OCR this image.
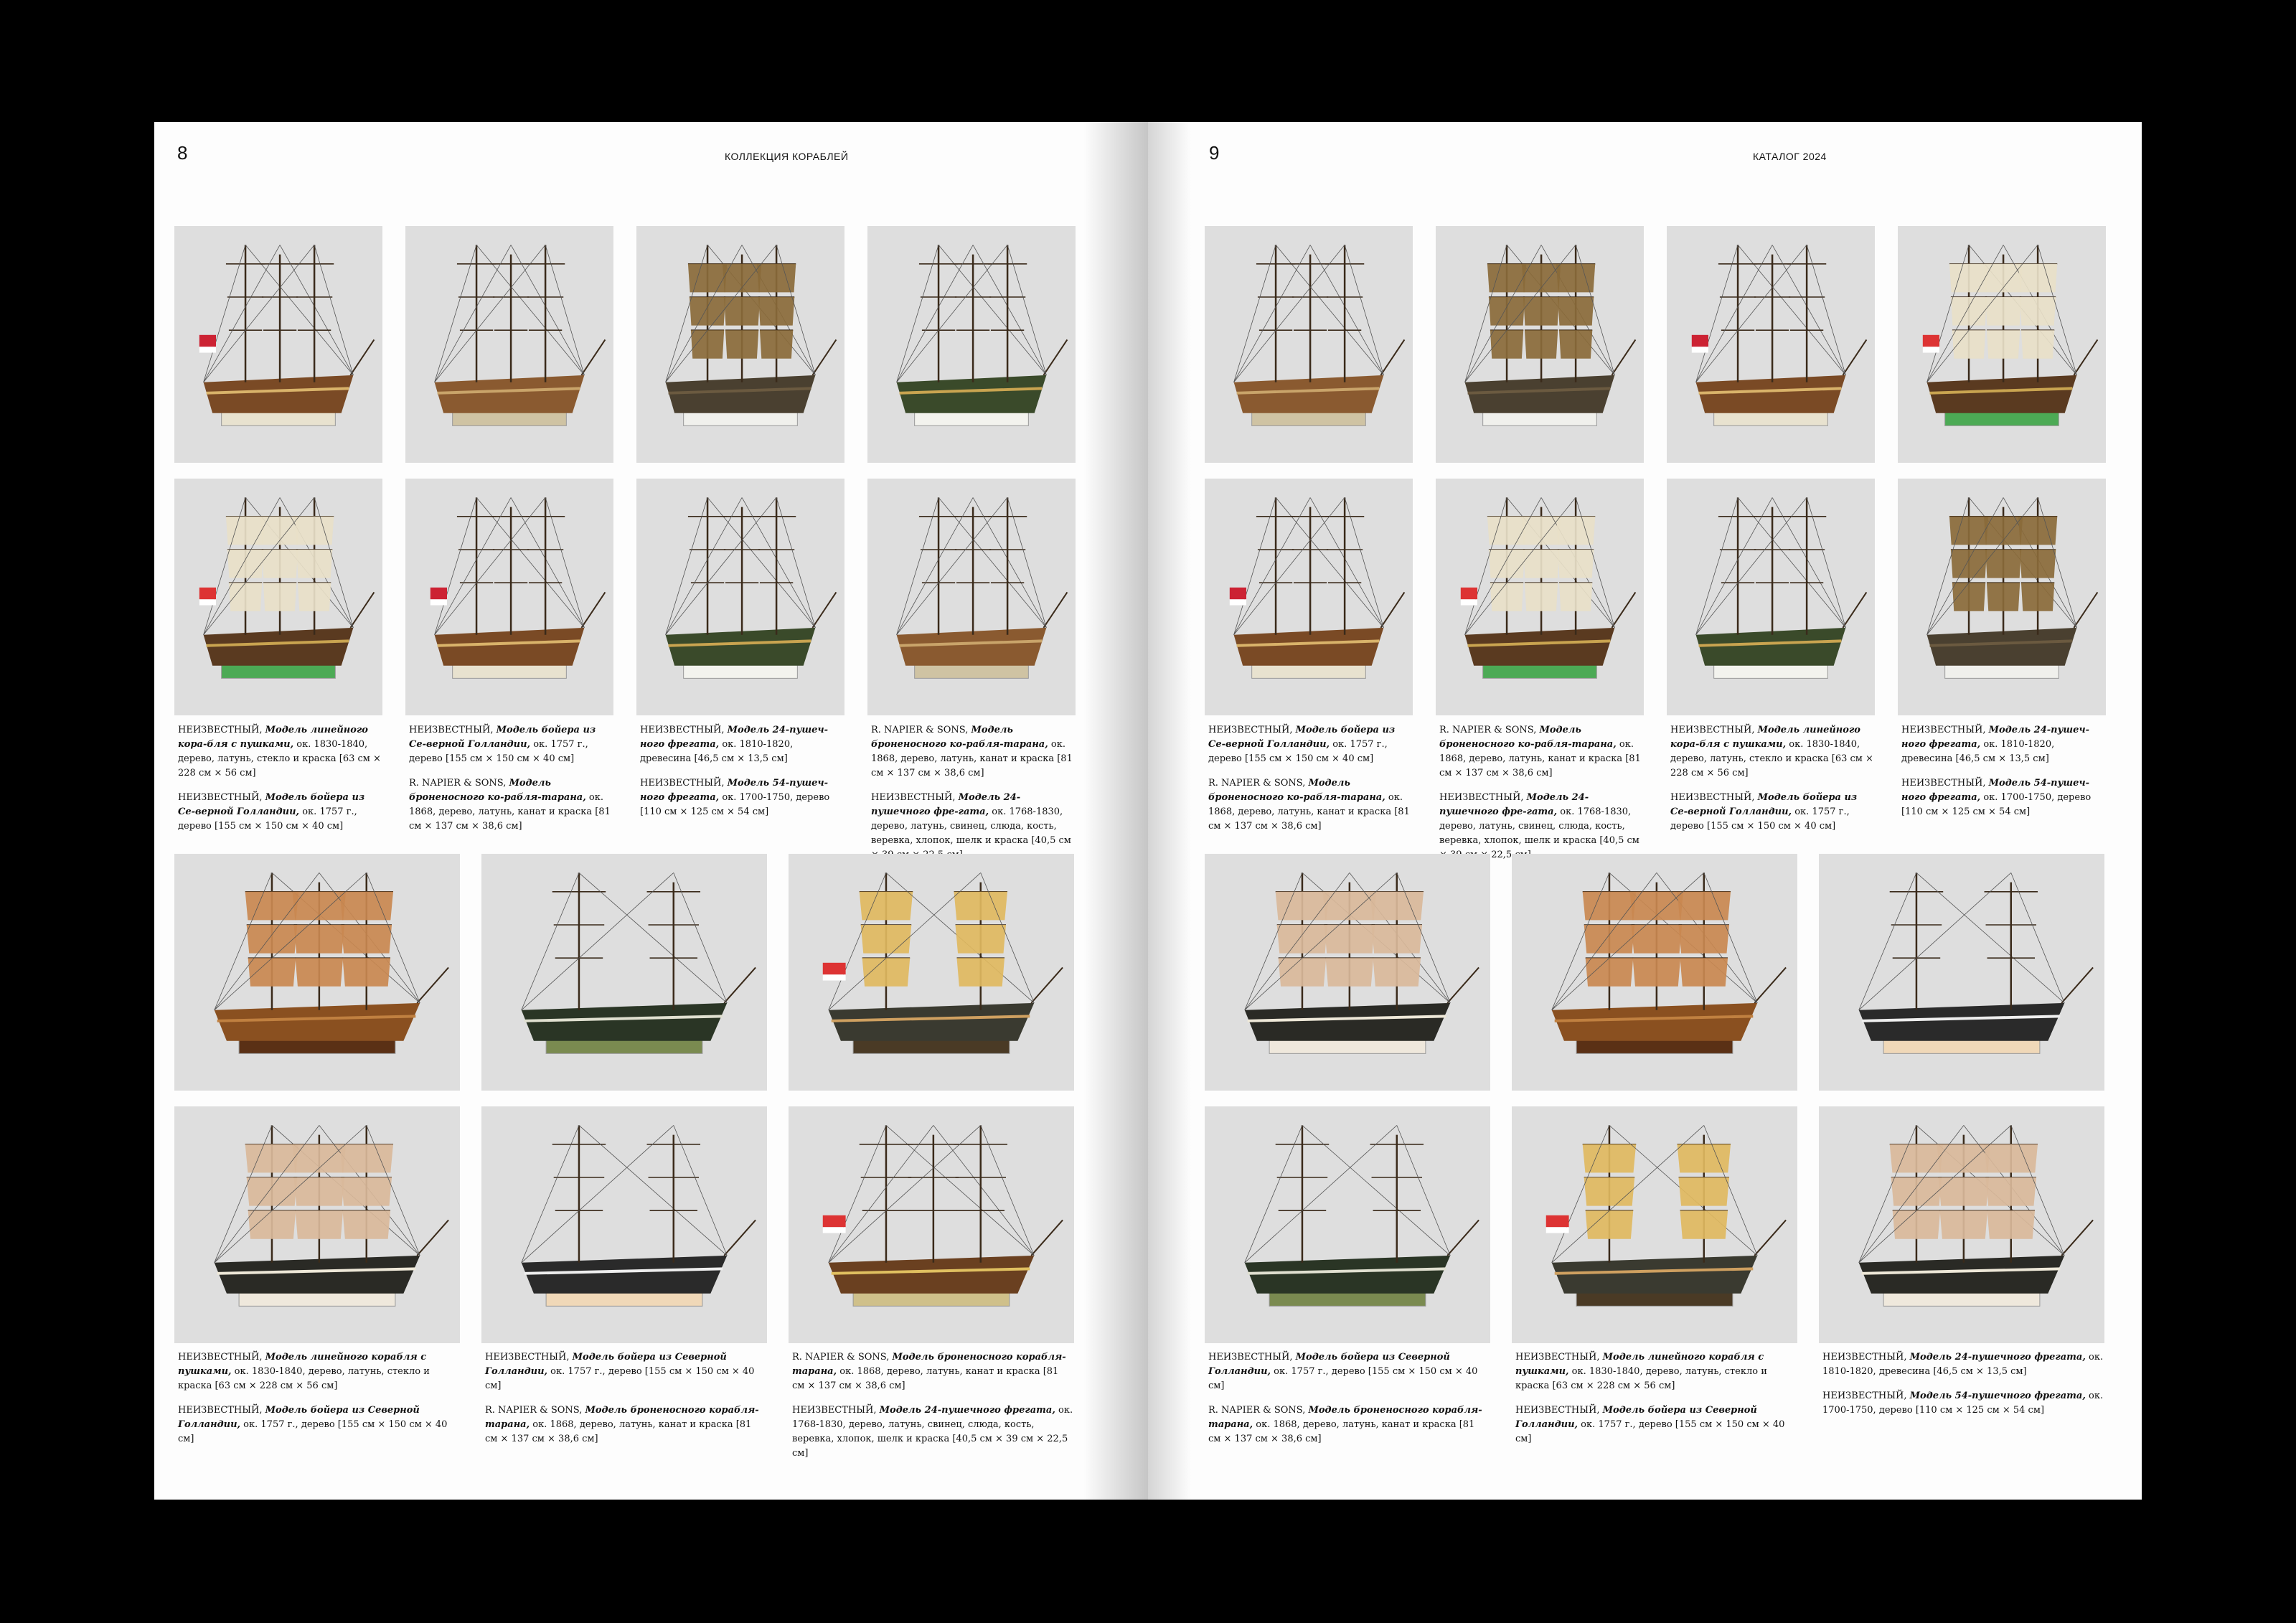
8	КОЛЛЕКЦИЯ КОРАБЛЕЙ

НЕИЗВЕСТНЫЙ, Модель линейного кора-бля с пушками, ок. 1830-1840, дерево, латунь, стекло и краска [63 см × 228 см × 56 см]

НЕИЗВЕСТНЫЙ, Модель бойера из Се-верной Голландии, ок. 1757 г., дерево [155 см × 150 см × 40 см]

НЕИЗВЕСТНЫЙ, Модель бойера из Се-верной Голландии, ок. 1757 г., дерево [155 см × 150 см × 40 см]

R. NAPIER & SONS, Модель броненосного ко-рабля-тарана, ок. 1868, дерево, латунь, канат и краска [81 см × 137 см × 38,6 см]

НЕИЗВЕСТНЫЙ, Модель 24-пушеч-ного фрегата, ок. 1810-1820, древесина [46,5 см × 13,5 см]

НЕИЗВЕСТНЫЙ, Модель 54-пушеч-ного фрегата, ок. 1700-1750, дерево [110 см × 125 см × 54 см]

R. NAPIER & SONS, Модель броненосного ко-рабля-тарана, ок. 1868, дерево, латунь, канат и краска [81 см × 137 см × 38,6 см]

НЕИЗВЕСТНЫЙ, Модель 24-пушечного фре-гата, ок. 1768-1830, дерево, латунь, свинец, слюда, кость, веревка, хлопок, шелк и краска [40,5 см

НЕИЗВЕСТНЫЙ, Модель линейного корабля с пушками, ок. 1830-1840, дерево, латунь, стекло и краска [63 см × 228 см × 56 см]

НЕИЗВЕСТНЫЙ, Модель бойера из Северной Голландии, ок. 1757 г., дерево [155 см × 150 см × 40 см]

НЕИЗВЕСТНЫЙ, Модель бойера из Северной Голландии, ок. 1757 г., дерево [155 см × 150 см × 40 см]

R. NAPIER & SONS, Модель броненосного корабля-тарана, ок. 1868, дерево, латунь, канат и краска [81 см × 137 см × 38,6 см]

R. NAPIER & SONS, Модель броненосного корабля-тарана, ок. 1868, дерево, латунь, канат и краска [81 см × 137 см × 38,6 см]

НЕИЗВЕСТНЫЙ, Модель 24-пушечного фрегата, ок. 1768-1830, дерево, латунь, свинец, слюда, кость, веревка, хлопок, шелк и краска [40,5 см × 39 см × 22,5 см]

9	КАТАЛОГ 2024

НЕИЗВЕСТНЫЙ, Модель бойера из Се-верной Голландии, ок. 1757 г., дерево [155 см × 150 см × 40 см]

R. NAPIER & SONS, Модель броненосного ко-рабля-тарана, ок. 1868, дерево, латунь, канат и краска [81 см × 137 см × 38,6 см]

R. NAPIER & SONS, Модель броненосного ко-рабля-тарана, ок. 1868, дерево, латунь, канат и краска [81 см × 137 см × 38,6 см]

НЕИЗВЕСТНЫЙ, Модель 24-пушечного фре-гата, ок. 1768-1830, дерево, латунь, свинец, слюда, кость, веревка, хлопок, шелк и краска [40,5 см 22,5

НЕИЗВЕСТНЫЙ, Модель линейного кора-бля с пушками, ок. 1830-1840, дерево, латунь, стекло и краска [63 см × 228 см × 56 см]

НЕИЗВЕСТНЫЙ, Модель бойера из Се-верной Голландии, ок. 1757 г., дерево [155 см × 150 см × 40 см]

НЕИЗВЕСТНЫЙ, Модель 24-пушеч-ного фрегата, ок. 1810-1820, древесина [46,5 см × 13,5 см]

НЕИЗВЕСТНЫЙ, Модель 54-пушеч-ного фрегата, ок. 1700-1750, дерево [110 см × 125 см × 54 см]

НЕИЗВЕСТНЫЙ, Модель бойера из Северной Голландии, ок. 1757 г., дерево [155 см × 150 см × 40 см]

R. NAPIER & SONS, Модель броненосного корабля-тарана, ок. 1868, дерево, латунь, канат и краска [81 см × 137 см × 38,6 см]

НЕИЗВЕСТНЫЙ, Модель линейного корабля с пушками, ок. 1830-1840, дерево, латунь, стекло и краска [63 см × 228 см × 56 см]

НЕИЗВЕСТНЫЙ, Модель бойера из Северной Голландии, ок. 1757 г., дерево [155 см × 150 см × 40 см]

НЕИЗВЕСТНЫЙ, Модель 24-пушечного фрегата, ок. 1810-1820, древесина [46,5 см × 13,5 см]

НЕИЗВЕСТНЫЙ, Модель 54-пушечного фрегата, ок. 1700-1750, дерево [110 см × 125 см × 54 см]
